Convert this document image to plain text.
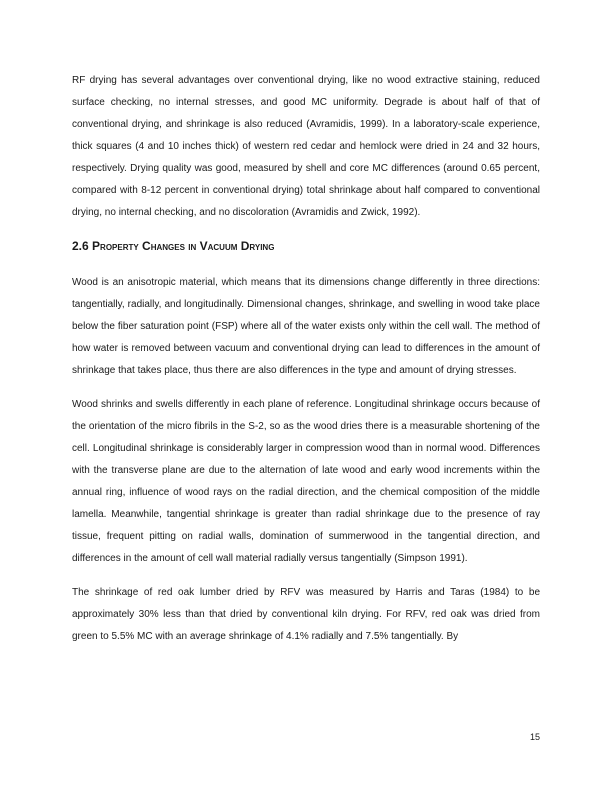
RF drying has several advantages over conventional drying, like no wood extractive staining, reduced surface checking, no internal stresses, and good MC uniformity. Degrade is about half of that of conventional drying, and shrinkage is also reduced (Avramidis, 1999). In a laboratory-scale experience, thick squares (4 and 10 inches thick) of western red cedar and hemlock were dried in 24 and 32 hours, respectively. Drying quality was good, measured by shell and core MC differences (around 0.65 percent, compared with 8-12 percent in conventional drying) total shrinkage about half compared to conventional drying, no internal checking, and no discoloration (Avramidis and Zwick, 1992).

2.6 Property Changes in Vacuum Drying

Wood is an anisotropic material, which means that its dimensions change differently in three directions: tangentially, radially, and longitudinally. Dimensional changes, shrinkage, and swelling in wood take place below the fiber saturation point (FSP) where all of the water exists only within the cell wall. The method of how water is removed between vacuum and conventional drying can lead to differences in the amount of shrinkage that takes place, thus there are also differences in the type and amount of drying stresses.

Wood shrinks and swells differently in each plane of reference. Longitudinal shrinkage occurs because of the orientation of the micro fibrils in the S-2, so as the wood dries there is a measurable shortening of the cell. Longitudinal shrinkage is considerably larger in compression wood than in normal wood. Differences with the transverse plane are due to the alternation of late wood and early wood increments within the annual ring, influence of wood rays on the radial direction, and the chemical composition of the middle lamella. Meanwhile, tangential shrinkage is greater than radial shrinkage due to the presence of ray tissue, frequent pitting on radial walls, domination of summerwood in the tangential direction, and differences in the amount of cell wall material radially versus tangentially (Simpson 1991).

The shrinkage of red oak lumber dried by RFV was measured by Harris and Taras (1984) to be approximately 30% less than that dried by conventional kiln drying. For RFV, red oak was dried from green to 5.5% MC with an average shrinkage of 4.1% radially and 7.5% tangentially. By

15
